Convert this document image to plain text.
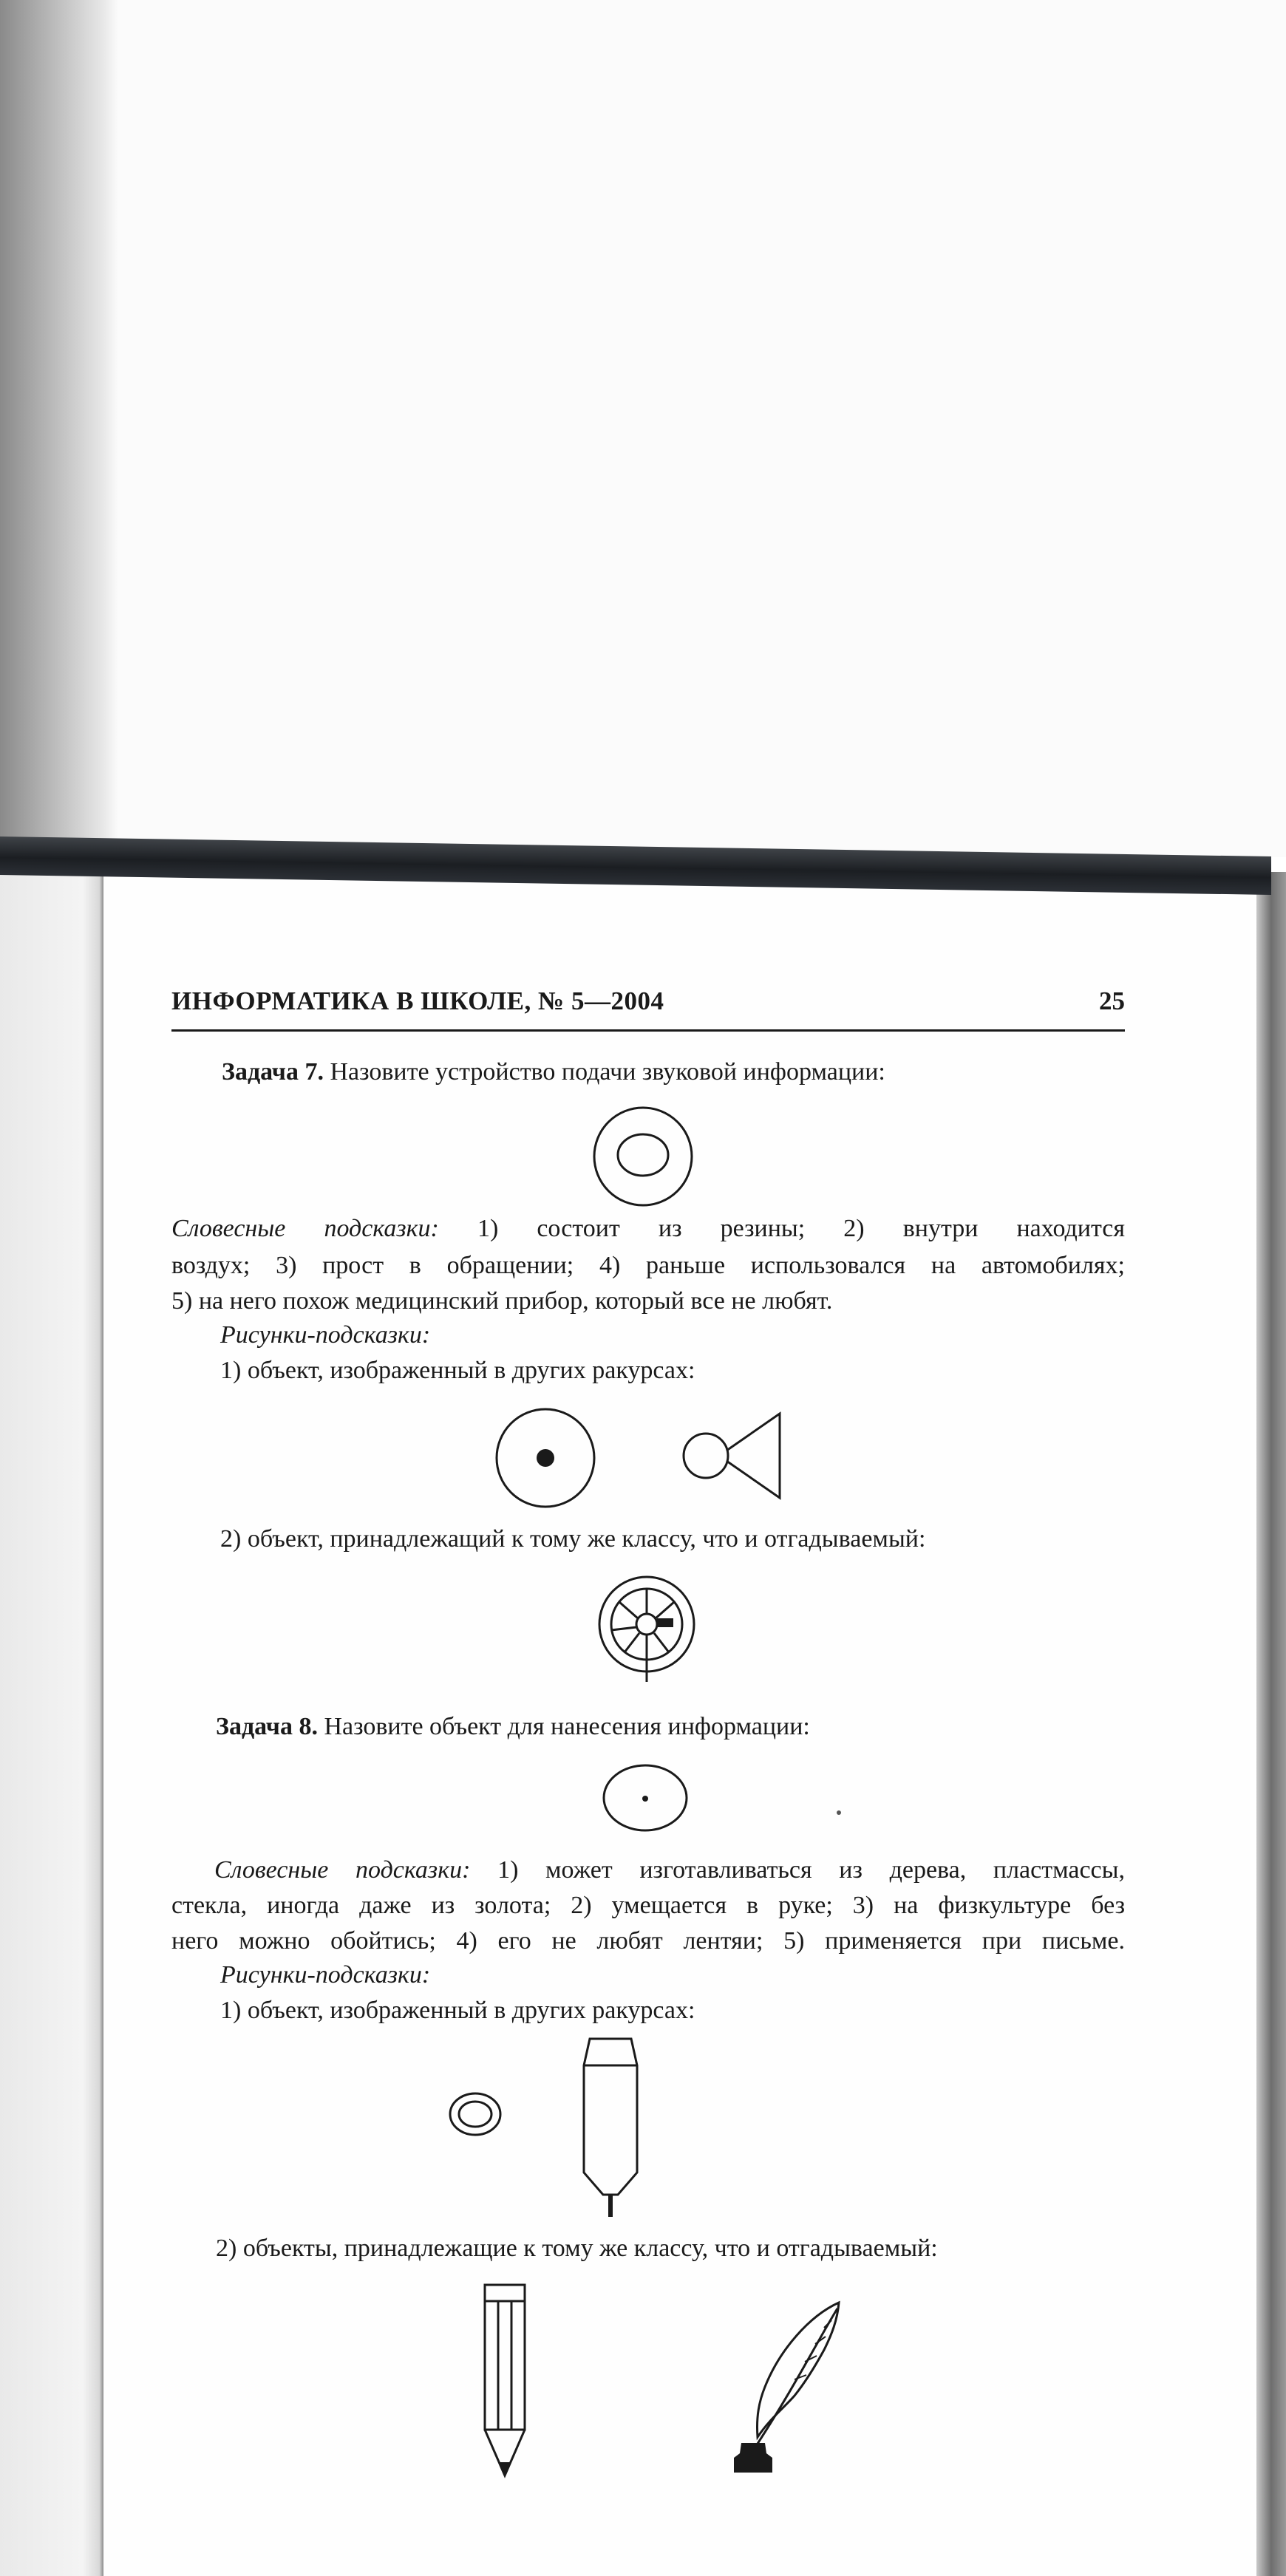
ИНФОРМАТИКА В ШКОЛЕ, № 5—2004	25
Задача 7. Назовите устройство подачи звуковой информации:
Словесные подсказки: 1) состоит из резины; 2) внутри находится
воздух; 3) прост в обращении; 4) раньше использовался на автомобилях;
5) на него похож медицинский прибор, который все не любят.
Рисунки-подсказки:
1) объект, изображенный в других ракурсах:
2) объект, принадлежащий к тому же классу, что и отгадываемый:
Задача 8. Назовите объект для нанесения информации:
Словесные подсказки: 1) может изготавливаться из дерева, пластмассы,
стекла, иногда даже из золота; 2) умещается в руке; 3) на физкультуре без
него можно обойтись; 4) его не любят лентяи; 5) применяется при письме.
Рисунки-подсказки:
1) объект, изображенный в других ракурсах:
2) объекты, принадлежащие к тому же классу, что и отгадываемый:
